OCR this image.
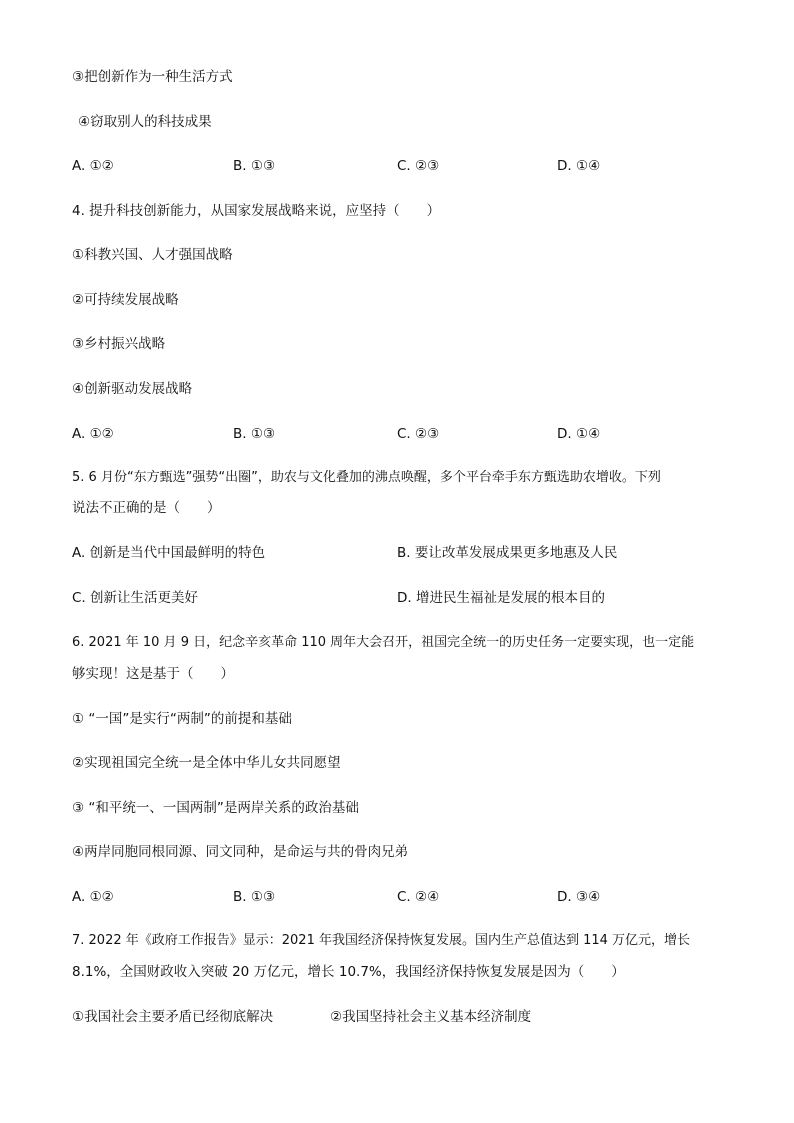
③把创新作为一种生活方式
④窃取别人的科技成果
A. ①②	B. ①③	C. ②③	D. ①④
4. 提升科技创新能力，从国家发展战略来说，应坚持（　　）
①科教兴国、人才强国战略
②可持续发展战略
③乡村振兴战略
④创新驱动发展战略
A. ①②	B. ①③	C. ②③	D. ①④
5. 6 月份“东方甄选”强势“出圈”，助农与文化叠加的沸点唤醒，多个平台牵手东方甄选助农增收。下列
说法不正确的是（　　）
A. 创新是当代中国最鲜明的特色	B. 要让改革发展成果更多地惠及人民
C. 创新让生活更美好	D. 增进民生福祉是发展的根本目的
6. 2021 年 10 月 9 日，纪念辛亥革命 110 周年大会召开，祖国完全统一的历史任务一定要实现，也一定能
够实现！这是基于（　　）
① “一国”是实行“两制”的前提和基础
②实现祖国完全统一是全体中华儿女共同愿望
③ “和平统一、一国两制”是两岸关系的政治基础
④两岸同胞同根同源、同文同种，是命运与共的骨肉兄弟
A. ①②	B. ①③	C. ②④	D. ③④
7. 2022 年《政府工作报告》显示：2021 年我国经济保持恢复发展。国内生产总值达到 114 万亿元，增长
8.1%，全国财政收入突破 20 万亿元，增长 10.7%，我国经济保持恢复发展是因为（　　）
①我国社会主要矛盾已经彻底解决	②我国坚持社会主义基本经济制度
